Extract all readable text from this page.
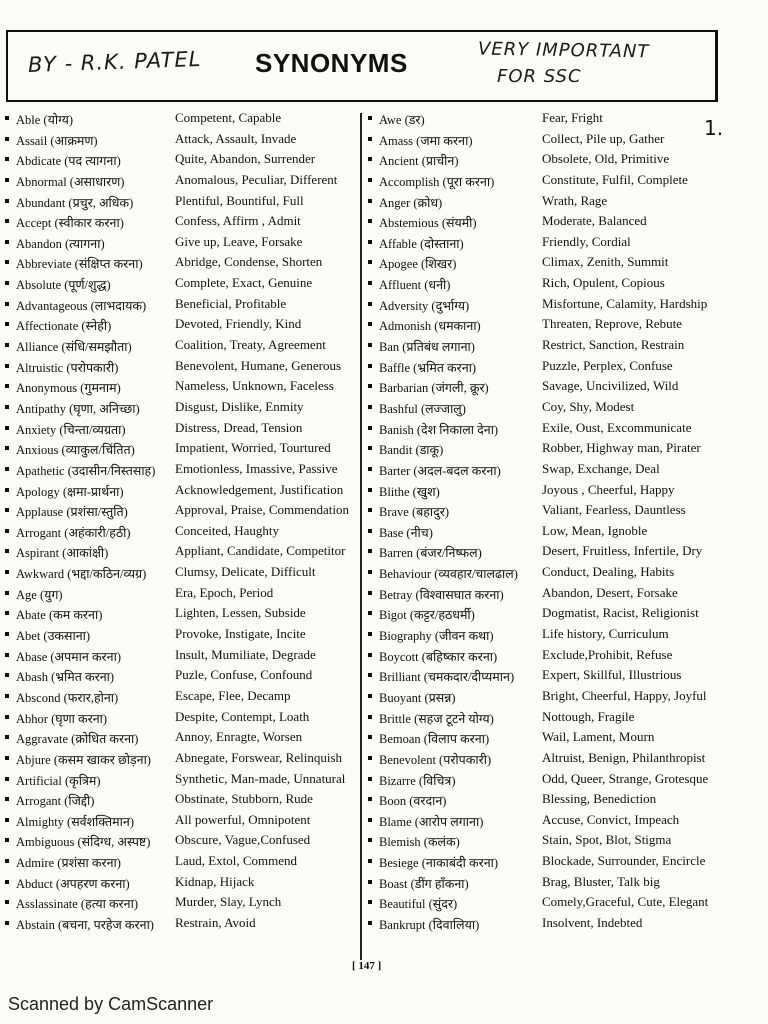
BY - R.K. PATEL SYNONYMS	VERY IMPORTANT
FOR SSC
1.
Able (योग्य)	Competent, Capable
Assail (आक्रमण)	Attack, Assault, Invade
Abdicate (पद त्यागना)	Quite, Abandon, Surrender
Abnormal (असाधारण)	Anomalous, Peculiar, Different
Abundant (प्रचुर, अधिक)	Plentiful, Bountiful, Full
Accept (स्वीकार करना)	Confess, Affirm , Admit
Abandon (त्यागना)	Give up, Leave, Forsake
Abbreviate (संक्षिप्त करना) Abridge, Condense, Shorten
Absolute (पूर्ण/शुद्ध)	Complete, Exact, Genuine
Advantageous (लाभदायक) Beneficial, Profitable
Affectionate (स्नेही)	Devoted, Friendly, Kind
Alliance (संधि/समझौता)	Coalition, Treaty, Agreement
Altruistic (परोपकारी)	Benevolent, Humane, Generous
Anonymous (गुमनाम)	Nameless, Unknown, Faceless
Antipathy (घृणा, अनिच्छा)	Disgust, Dislike, Enmity
Anxiety (चिन्ता/व्यग्रता)	Distress, Dread, Tension
Anxious (व्याकुल/चिंतित)	Impatient, Worried, Tourtured
Apathetic (उदासीन/निस्तसाह) Emotionless, Imassive, Passive
Apology (क्षमा-प्रार्थना)	Acknowledgement, Justification
Applause (प्रशंसा/स्तुति)	Approval, Praise, Commendation
Arrogant (अहंकारी/हठी)	Conceited, Haughty
Aspirant (आकांक्षी)	Appliant, Candidate, Competitor
Awkward (भद्दा/कठिन/व्यग्र) Clumsy, Delicate, Difficult
Age (युग)	Era, Epoch, Period
Abate (कम करना)	Lighten, Lessen, Subside
Abet (उकसाना)	Provoke, Instigate, Incite
Abase (अपमान करना)	Insult, Mumiliate, Degrade
Abash (भ्रमित करना)	Puzle, Confuse, Confound
Abscond (फरार,होना)	Escape, Flee, Decamp
Abhor (घृणा करना)	Despite, Contempt, Loath
Aggravate (क्रोधित करना)	Annoy, Enragte, Worsen
Abjure (कसम खाकर छोड़ना) Abnegate, Forswear, Relinquish
Artificial (कृत्रिम)	Synthetic, Man-made, Unnatural
Arrogant (जिद्दी)	Obstinate, Stubborn, Rude
Almighty (सर्वशक्तिमान)	All powerful, Omnipotent
Ambiguous (संदिग्ध, अस्पष्ट) Obscure, Vague,Confused
Admire (प्रशंसा करना)	Laud, Extol, Commend
Abduct (अपहरण करना)	Kidnap, Hijack
Asslassinate (हत्या करना)	Murder, Slay, Lynch
Abstain (बचना, परहेज करना) Restrain, Avoid
Awe (डर)	Fear, Fright
Amass (जमा करना)	Collect, Pile up, Gather
Ancient (प्राचीन)	Obsolete, Old, Primitive
Accomplish (पूरा करना)	Constitute, Fulfil, Complete
Anger (क्रोध)	Wrath, Rage
Abstemious (संयमी)	Moderate, Balanced
Affable (दोस्ताना)	Friendly, Cordial
Apogee (शिखर)	Climax, Zenith, Summit
Affluent (धनी)	Rich, Opulent, Copious
Adversity (दुर्भाग्य)	Misfortune, Calamity, Hardship
Admonish (धमकाना)	Threaten, Reprove, Rebute
Ban (प्रतिबंध लगाना)	Restrict, Sanction, Restrain
Baffle (भ्रमित करना)	Puzzle, Perplex, Confuse
Barbarian (जंगली, क्रूर)	Savage, Uncivilized, Wild
Bashful (लज्जालु)	Coy, Shy, Modest
Banish (देश निकाला देना)	Exile, Oust, Excommunicate
Bandit (डाकू)	Robber, Highway man, Pirater
Barter (अदल-बदल करना)	Swap, Exchange, Deal
Blithe (खुश)	Joyous , Cheerful, Happy
Brave (बहादुर)	Valiant, Fearless, Dauntless
Base (नीच)	Low, Mean, Ignoble
Barren (बंजर/निष्फल)	Desert, Fruitless, Infertile, Dry
Behaviour (व्यवहार/चालढाल) Conduct, Dealing, Habits
Betray (विश्वासघात करना)	Abandon, Desert, Forsake
Bigot (कट्टर/हठधर्मी)	Dogmatist, Racist, Religionist
Biography (जीवन कथा)	Life history, Curriculum
Boycott (बहिष्कार करना)	Exclude,Prohibit, Refuse
Brilliant (चमकदार/दीप्यमान) Expert, Skillful, Illustrious
Buoyant (प्रसन्न)	Bright, Cheerful, Happy, Joyful
Brittle (सहज टूटने योग्य)	Nottough, Fragile
Bemoan (विलाप करना)	Wail, Lament, Mourn
Benevolent (परोपकारी)	Altruist, Benign, Philanthropist
Bizarre (विचित्र)	Odd, Queer, Strange, Grotesque
Boon (वरदान)	Blessing, Benediction
Blame (आरोप लगाना)	Accuse, Convict, Impeach
Blemish (कलंक)	Stain, Spot, Blot, Stigma
Besiege (नाकाबंदी करना)	Blockade, Surrounder, Encircle
Boast (डींग हाँकना)	Brag, Bluster, Talk big
Beautiful (सुंदर)	Comely,Graceful, Cute, Elegant
Bankrupt (दिवालिया)	Insolvent, Indebted
[ 147 ]
Scanned by CamScanner
